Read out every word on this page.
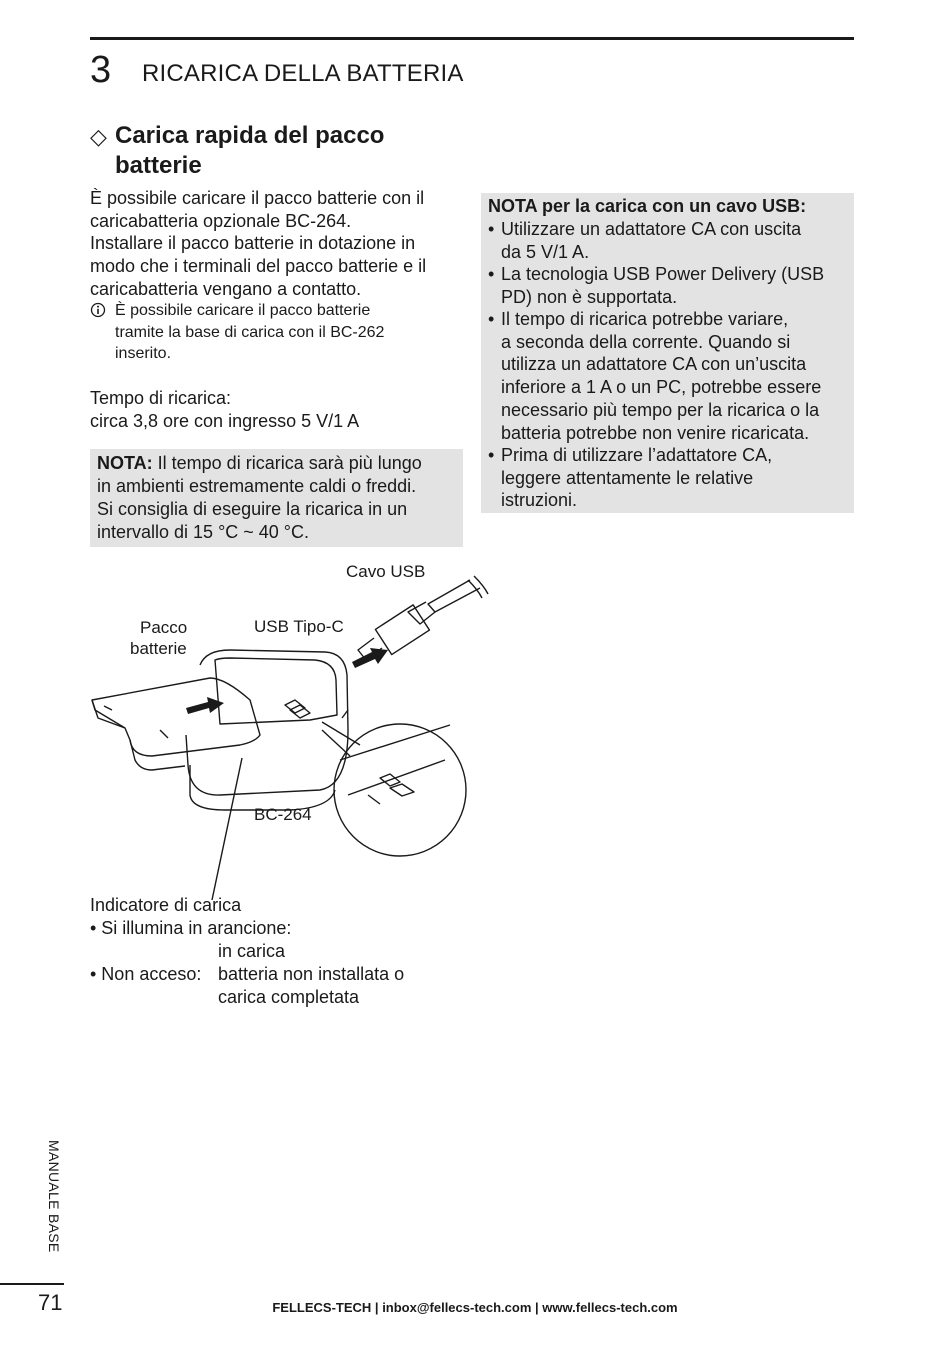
3 RICARICA DELLA BATTERIA
◇ Carica rapida del pacco
batterie
È possibile caricare il pacco batterie con il
caricabatteria opzionale BC-264.
Installare il pacco batterie in dotazione in
modo che i terminali del pacco batterie e il
caricabatteria vengano a contatto.
È possibile caricare il pacco batterie
tramite la base di carica con il BC-262
inserito.
Tempo di ricarica:
circa 3,8 ore con ingresso 5 V/1 A
NOTA: Il tempo di ricarica sarà più lungo
in ambienti estremamente caldi o freddi.
Si consiglia di eseguire la ricarica in un
intervallo di 15 °C ~ 40 °C.
NOTA per la carica con un cavo USB:
• Utilizzare un adattatore CA con uscita
da 5 V/1 A.
• La tecnologia USB Power Delivery (USB
PD) non è supportata.
• Il tempo di ricarica potrebbe variare,
a seconda della corrente. Quando si
utilizza un adattatore CA con un’uscita
inferiore a 1 A o un PC, potrebbe essere
necessario più tempo per la ricarica o la
batteria potrebbe non venire ricaricata.
• Prima di utilizzare l’adattatore CA,
leggere attentamente le relative
istruzioni.
Cavo USB
Pacco
batterie
USB Tipo-C
BC-264
Indicatore di carica
• Si illumina in arancione:
in carica
• Non acceso: batteria non installata o
carica completata
MANUALE BASE
71	FELLECS-TECH | inbox@fellecs-tech.com | www.fellecs-tech.com
